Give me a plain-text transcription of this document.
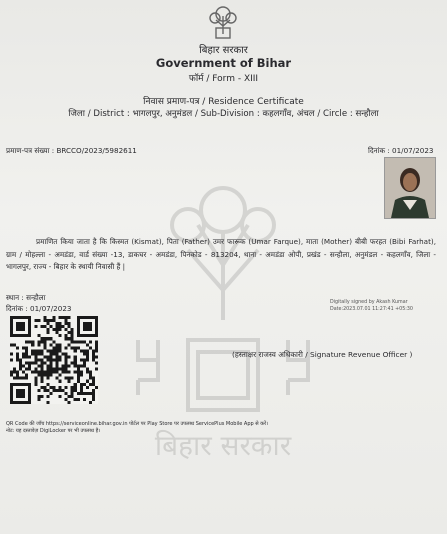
बिहार सरकार
बिहार सरकार
Government of Bihar
फॉर्म / Form - XIII
निवास प्रमाण-पत्र / Residence Certificate
जिला / District : भागलपुर, अनुमंडल / Sub-Division : कहलगाँव, अंचल / Circle : सन्हौला
प्रमाण-पत्र संख्या : BRCCO/2023/5982611	दिनांक : 01/07/2023
प्रमाणित किया जाता है कि किस्मत (Kismat), पिता (Father) उमर फारूक (Umar Farque), माता (Mother) बीबी फरहत (Bibi Farhat), ग्राम / मोहल्ला - अमडंडा, वार्ड संख्या -13, डाकघर - अमडंडा, पिनकोड - 813204, थाना - अमडंडा ओपी, प्रखंड - सन्हौला, अनुमंडल - कहलगाँव, जिला - भागलपुर, राज्य - बिहार के स्थायी निवासी हैं |
स्थान : सन्हौला
दिनांक : 01/07/2023
Digitally signed by Akash Kumar
Date:2023.07.01 11:27:41 +05:30
(हस्ताक्षर राजस्व अधिकारी / Signature Revenue Officer )
QR Code की जाँच https://serviceonline.bihar.gov.in पोर्टल पर Play Store पर उपलब्ध ServicePlus Mobile App से करें।
नोट: यह दस्तावेज़ DigiLocker पर भी उपलब्ध है।
